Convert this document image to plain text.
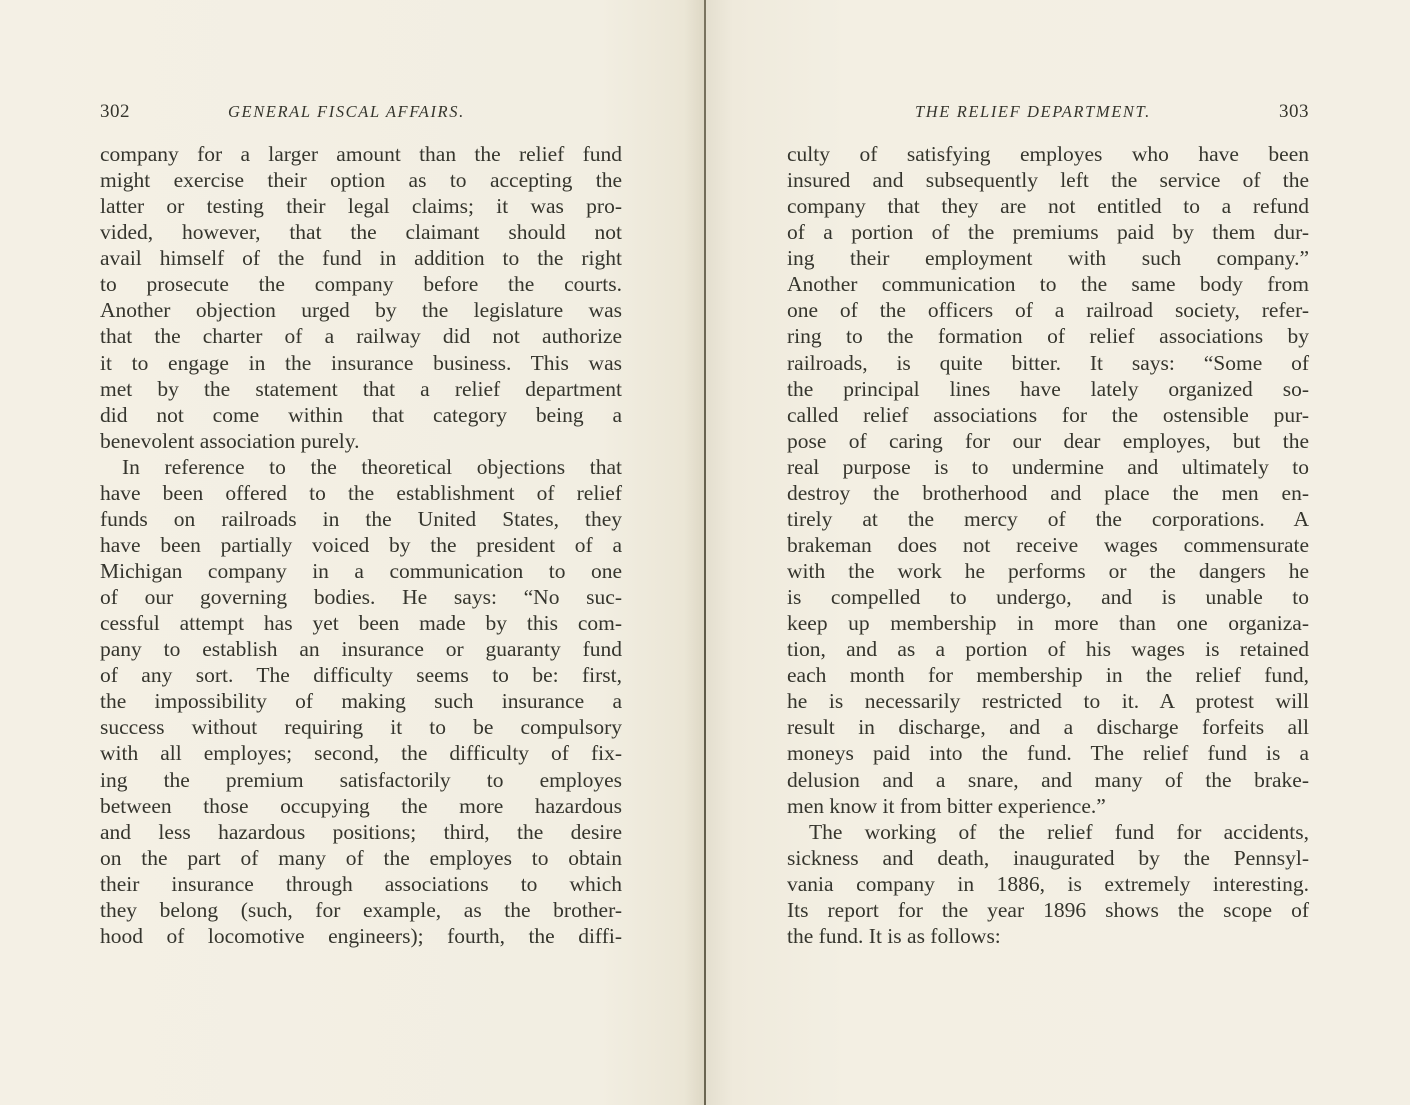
302	GENERAL FISCAL AFFAIRS.
company for a larger amount than the relief fund
might exercise their option as to accepting the
latter or testing their legal claims; it was pro-
vided, however, that the claimant should not
avail himself of the fund in addition to the right
to prosecute the company before the courts.
Another objection urged by the legislature was
that the charter of a railway did not authorize
it to engage in the insurance business. This was
met by the statement that a relief department
did not come within that category being a
benevolent association purely.
In reference to the theoretical objections that
have been offered to the establishment of relief
funds on railroads in the United States, they
have been partially voiced by the president of a
Michigan company in a communication to one
of our governing bodies. He says: “No suc-
cessful attempt has yet been made by this com-
pany to establish an insurance or guaranty fund
of any sort. The difficulty seems to be: first,
the impossibility of making such insurance a
success without requiring it to be compulsory
with all employes; second, the difficulty of fix-
ing the premium satisfactorily to employes
between those occupying the more hazardous
and less hazardous positions; third, the desire
on the part of many of the employes to obtain
their insurance through associations to which
they belong (such, for example, as the brother-
hood of locomotive engineers); fourth, the diffi-
THE RELIEF DEPARTMENT.	303
culty of satisfying employes who have been
insured and subsequently left the service of the
company that they are not entitled to a refund
of a portion of the premiums paid by them dur-
ing their employment with such company.”
Another communication to the same body from
one of the officers of a railroad society, refer-
ring to the formation of relief associations by
railroads, is quite bitter. It says: “Some of
the principal lines have lately organized so-
called relief associations for the ostensible pur-
pose of caring for our dear employes, but the
real purpose is to undermine and ultimately to
destroy the brotherhood and place the men en-
tirely at the mercy of the corporations. A
brakeman does not receive wages commensurate
with the work he performs or the dangers he
is compelled to undergo, and is unable to
keep up membership in more than one organiza-
tion, and as a portion of his wages is retained
each month for membership in the relief fund,
he is necessarily restricted to it. A protest will
result in discharge, and a discharge forfeits all
moneys paid into the fund. The relief fund is a
delusion and a snare, and many of the brake-
men know it from bitter experience.”
The working of the relief fund for accidents,
sickness and death, inaugurated by the Pennsyl-
vania company in 1886, is extremely interesting.
Its report for the year 1896 shows the scope of
the fund. It is as follows:
